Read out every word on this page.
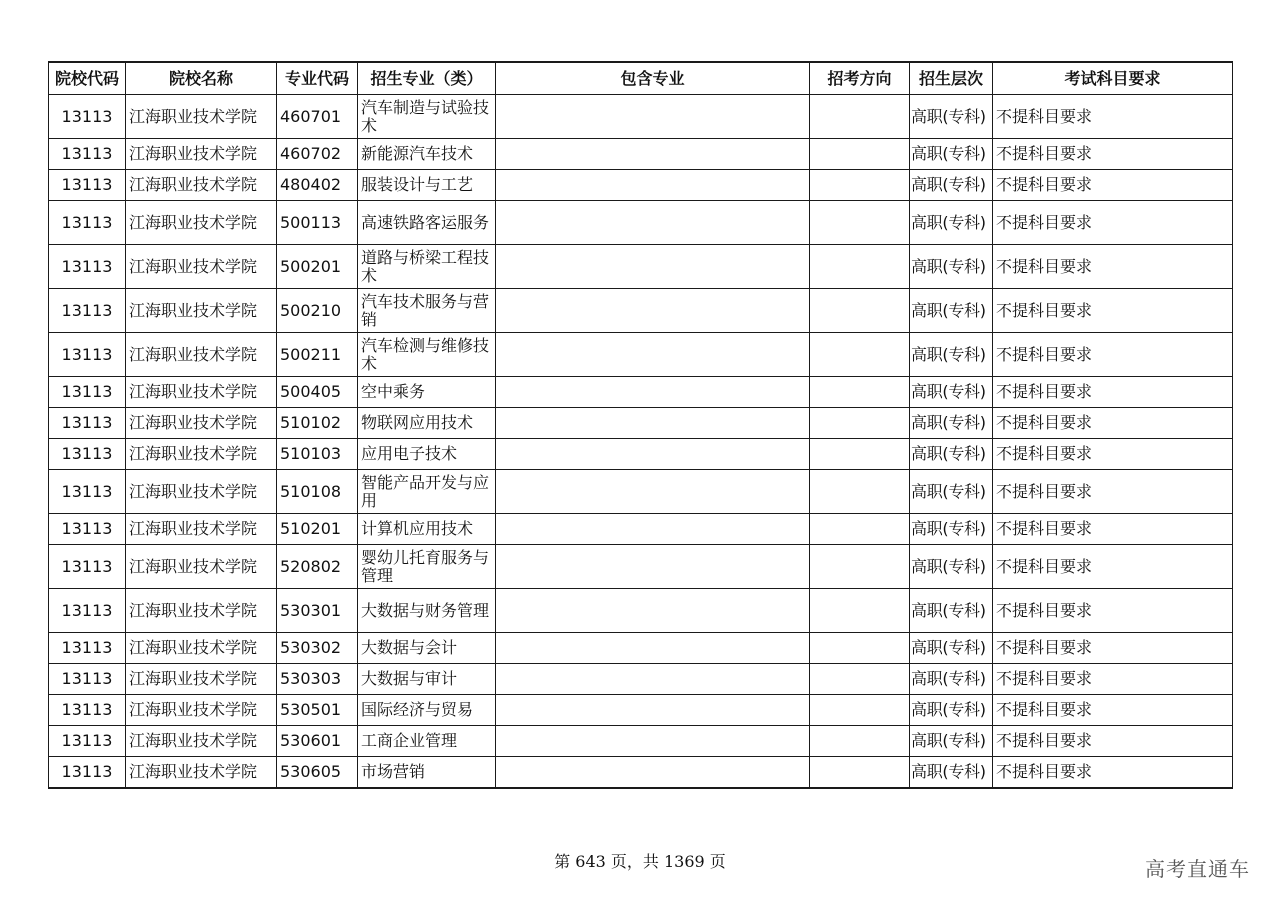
院校代码	院校名称	专业代码	招生专业（类）	包含专业	招考方向	招生层次	考试科目要求
13113	江海职业技术学院	460701	汽车制造与试验技术			高职(专科)	不提科目要求
13113	江海职业技术学院	460702	新能源汽车技术			高职(专科)	不提科目要求
13113	江海职业技术学院	480402	服装设计与工艺			高职(专科)	不提科目要求
13113	江海职业技术学院	500113	高速铁路客运服务			高职(专科)	不提科目要求
13113	江海职业技术学院	500201	道路与桥梁工程技术			高职(专科)	不提科目要求
13113	江海职业技术学院	500210	汽车技术服务与营销			高职(专科)	不提科目要求
13113	江海职业技术学院	500211	汽车检测与维修技术			高职(专科)	不提科目要求
13113	江海职业技术学院	500405	空中乘务			高职(专科)	不提科目要求
13113	江海职业技术学院	510102	物联网应用技术			高职(专科)	不提科目要求
13113	江海职业技术学院	510103	应用电子技术			高职(专科)	不提科目要求
13113	江海职业技术学院	510108	智能产品开发与应用			高职(专科)	不提科目要求
13113	江海职业技术学院	510201	计算机应用技术			高职(专科)	不提科目要求
13113	江海职业技术学院	520802	婴幼儿托育服务与管理			高职(专科)	不提科目要求
13113	江海职业技术学院	530301	大数据与财务管理			高职(专科)	不提科目要求
13113	江海职业技术学院	530302	大数据与会计			高职(专科)	不提科目要求
13113	江海职业技术学院	530303	大数据与审计			高职(专科)	不提科目要求
13113	江海职业技术学院	530501	国际经济与贸易			高职(专科)	不提科目要求
13113	江海职业技术学院	530601	工商企业管理			高职(专科)	不提科目要求
13113	江海职业技术学院	530605	市场营销			高职(专科)	不提科目要求
第 643 页，共 1369 页	高考直通车
